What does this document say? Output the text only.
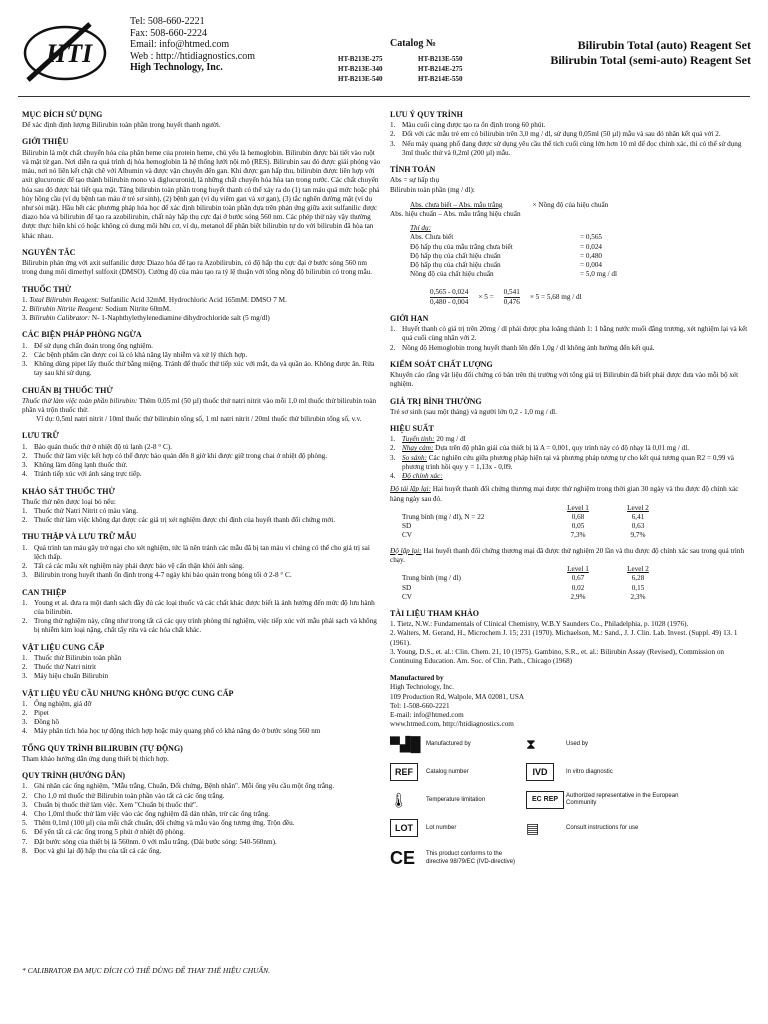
HTI
Tel: 508-660-2221
Fax: 508-660-2224
Email: info@htmed.com
Web : http://htidiagnostics.com
High Technology, Inc.
Catalog №
HT-B213E-275	HT-B213E-550
HT-B213E-340	HT-B214E-275
HT-B213E-540	HT-B214E-550
Bilirubin Total (auto) Reagent Set
Bilirubin Total (semi-auto) Reagent Set
MỤC ĐÍCH SỬ DỤNG

Để xác định định lượng Bilirubin toàn phần trong huyết thanh người.

GIỚI THIỆU

Bilirubin là một chất chuyển hóa của phân heme của protein heme, chủ yếu là hemoglobin. Bilirubin được bài tiết vào ruột và mật từ gan. Nơi diễn ra quá trình dị hóa hemoglobin là hệ thống lưới nội mô (RES). Bilirubin sau đó được giải phóng vào máu, nơi nó liên kết chặt chẽ với Albumin và được vận chuyển đến gan. Khi được gan hấp thu, bilirubin được liên hợp với axit glucuronic để tạo thành bilirubin mono và diglucuronid, là những chất chuyển hóa hòa tan trong nước. Các chất chuyển hóa sau đó được bài tiết qua mật. Tăng bilirubin toàn phần trong huyết thanh có thể xảy ra do (1) tan máu quá mức hoặc phá hủy hồng cầu (ví dụ bệnh tan máu ở trẻ sơ sinh), (2) bệnh gan (ví dụ viêm gan và xơ gan), (3) tắc nghẽn đường mật (ví dụ như sỏi mật). Hầu hết các phương pháp hóa học để xác định bilirubin toàn phần dựa trên phản ứng giữa axit sulfanilic được diazo hóa và bilirubin để tạo ra azobilirubin, chất này hấp thụ cực đại ở bước sóng 560 nm. Các phép thử này vậy thường được thực hiện khi có hoặc không có dung môi hữu cơ, ví dụ, metanol để phân biệt bilirubin tự do với bilirubin đã hòa tan khác nhau.

NGUYÊN TẮC

Bilirubin phản ứng với axit sulfanilic được Diazo hóa để tạo ra Azobilirubin, có độ hấp thu cực đại ở bước sóng 560 nm trong dung môi dimethyl sulfoxit (DMSO). Cường độ của màu tạo ra tỷ lệ thuận với tổng nồng độ bilirubin có trong mẫu.

THUỐC THỬ
1. Total Bilirubin Reagent: Sulfanilic Acid 32mM. Hydrochloric Acid 165mM. DMSO 7 M.
2. Bilirubin Nitrite Reagent: Sodium Nitrite 60mM.
3. Bilirubin Calibrator: N- 1-Naphthylethylenediamine dihydrochloride salt (5 mg/dl)
CÁC BIỆN PHÁP PHÒNG NGỪA
1. Để sử dụng chẩn đoán trong ống nghiệm.
2. Các bệnh phẩm cần được coi là có khả năng lây nhiễm và xử lý thích hợp.
3. Không dùng pipet lấy thuốc thử bằng miệng. Tránh để thuốc thử tiếp xúc với mắt, da và quần áo. Không được ăn. Rửa tay sau khi sử dụng.
CHUẨN BỊ THUỐC THỬ

Thuốc thử làm việc toàn phần bilirubin: Thêm 0,05 ml (50 µl) thuốc thử natri nitrit vào mỗi 1,0 ml thuốc thử bilirubin toàn phần và trộn thuốc thử.

Ví dụ: 0,5ml natri nitrit / 10ml thuốc thử bilirubin tổng số, 1 ml natri nitrit / 20ml thuốc thử bilirubin tổng số, v.v.

LƯU TRỮ
1. Bảo quản thuốc thử ở nhiệt độ tủ lạnh (2-8 ° C).
2. Thuốc thử làm việc kết hợp có thể được bảo quản đến 8 giờ khi được giữ trong chai ở nhiệt độ phòng.
3. Không làm đông lạnh thuốc thử.
4. Tránh tiếp xúc với ánh sáng trực tiếp.
KHẢO SÁT THUỐC THỬ

Thuốc thử nên được loại bỏ nếu:

1. Thuốc thử Natri Nitrit có màu vàng.
2. Thuốc thử làm việc không đạt được các giá trị xét nghiệm được chỉ định của huyết thanh đối chứng mới.
THU THẬP VÀ LƯU TRỮ MẪU
1. Quá trình tan máu gây trở ngại cho xét nghiệm, tức là nên tránh các mẫu đã bị tan máu vì chúng có thể cho giá trị sai lệch thấp.
2. Tất cả các mẫu xét nghiệm này phải được bảo vệ cẩn thận khỏi ánh sáng.
3. Bilirubin trong huyết thanh ổn định trong 4-7 ngày khi bảo quản trong bóng tối ở 2-8 ° C.
CAN THIỆP
1. Young et al. đưa ra một danh sách đầy đủ các loại thuốc và các chất khác được biết là ảnh hưởng đến mức độ lưu hành của bilirubin.
2. Trong thử nghiệm này, cũng như trong tất cả các quy trình phòng thí nghiệm, việc tiếp xúc với mẫu phải sạch và không bị nhiễm kim loại nặng, chất tẩy rửa và các hóa chất khác.
VẬT LIỆU CUNG CẤP
1. Thuốc thử Bilirubin toàn phần
2. Thuốc thử Natri nitrit
3. Máy hiệu chuẩn Bilirubin
VẬT LIỆU YÊU CẦU NHƯNG KHÔNG ĐƯỢC CUNG CẤP
1. Ống nghiệm, giá đỡ
2. Pipet
3. Đồng hồ
4. Máy phân tích hóa học tự động thích hợp hoặc máy quang phổ có khả năng đo ở bước sóng 560 nm
TỔNG QUY TRÌNH BILIRUBIN (TỰ ĐỘNG)

Tham khảo hướng dẫn ứng dụng thiết bị thích hợp.

QUY TRÌNH (HƯỚNG DẪN)
1. Ghi nhãn các ống nghiệm, "Mẫu trắng, Chuẩn, Đối chứng, Bệnh nhân". Mỗi ống yêu cầu một ống trắng.
2. Cho 1,0 ml thuốc thử Bilirubin toàn phần vào tất cả các ống trắng.
3. Chuẩn bị thuốc thử làm việc. Xem "Chuẩn bị thuốc thử".
4. Cho 1,0ml thuốc thử làm việc vào các ống nghiệm đã dán nhãn, trừ các ống trắng.
5. Thêm 0,1ml (100 µl) của mỗi chất chuẩn, đối chứng và mẫu vào ống tương ứng. Trộn đều.
6. Để yên tất cả các ống trong 5 phút ở nhiệt độ phòng.
7. Đặt bước sóng của thiết bị là 560nm. 0 với mẫu trắng. (Dải bước sóng: 540-560nm).
8. Đọc và ghi lại độ hấp thu của tất cả các ống.
* CALIBRATOR ĐA MỤC ĐÍCH CÓ THỂ DÙNG ĐỂ THAY THẾ HIỆU CHUẨN.
LƯU Ý QUY TRÌNH
1. Màu cuối cùng được tạo ra ổn định trong 60 phút.
2. Đối với các mẫu trẻ em có bilirubin trên 3,0 mg / dl, sử dụng 0,05ml (50 µl) mẫu và sau đó nhân kết quả với 2.
3. Nếu máy quang phổ đang được sử dụng yêu cầu thể tích cuối cùng lớn hơn 10 ml để đọc chính xác, thì có thể sử dụng 3ml thuốc thử và 0,2ml (200 µl) mẫu.
TÍNH TOÁN

Abs = sự hấp thụ

Bilirubin toàn phần (mg / dl):

Abs. chưa biết – Abs. mẫu trắng	× Nồng độ của hiệu chuẩn

Abs. hiệu chuẩn – Abs. mẫu trắng hiệu chuẩn

Thí dụ:

Abs. Chưa biết	= 0,565
Độ hấp thụ của mẫu trắng chưa biết	= 0,024
Độ hấp thụ của chất hiệu chuẩn	= 0,480
Độ hấp thụ của chất hiệu chuẩn	= 0,004
Nồng độ của chất hiệu chuẩn	= 5,0 mg / dl
$\frac{0,565 - 0,024}{0,480 - 0,004} \times 5 = \frac{0,541}{0,476} \times 5 = 5,68$ mg / dl
GIỚI HẠN
1. Huyết thanh có giá trị trên 20mg / dl phải được pha loãng thành 1: 1 bằng nước muối đẳng trương, xét nghiệm lại và kết quả cuối cùng nhân với 2.
2. Nồng độ Hemoglobin trong huyết thanh lên đến 1,0g / dl không ảnh hưởng đến kết quả.
KIỂM SOÁT CHẤT LƯỢNG

Khuyến cáo rằng vật liệu đối chứng có bán trên thị trường với tổng giá trị Bilirubin đã biết phải được đưa vào mỗi bộ xét nghiệm.

GIÁ TRỊ BÌNH THƯỜNG

Trẻ sơ sinh (sau một tháng) và người lớn 0,2 - 1,0 mg / dl.

HIỆU SUẤT
1. Tuyến tính: 20 mg / dl
2. Nhạy cảm: Dựa trên độ phân giải của thiết bị là A = 0,001, quy trình này có độ nhạy là 0,01 mg / dl.
3. So sánh: Các nghiên cứu giữa phương pháp hiện tại và phương pháp tương tự cho kết quả tương quan R2 = 0,99 và phương trình hồi quy y = 1,13x - 0,09.
4. Độ chính xác:

Độ tái lặp lại: Hai huyết thanh đối chứng thương mại được thử nghiệm trong thời gian 30 ngày và thu được độ chính xác hàng ngày sau đó.

	Level 1	Level 2
Trung bình (mg / dl), N = 22	0,68	6,41
SD	0,05	0,63
CV	7,3%	9,7%

Độ lặp lại: Hai huyết thanh đối chứng thương mại đã được thử nghiệm 20 lần và thu được độ chính xác sau trong quá trình chạy.

	Level 1	Level 2
Trung bình (mg / dl)	0,67	6,28
SD	0,02	0,15
CV	2,9%	2,3%
TÀI LIỆU THAM KHẢO

1. Tietz, N.W.: Fundamentals of Clinical Chemistry, W.B.Y Saunders Co., Philadelphia, p. 1028 (1976).

2. Walters, M. Gerand, H., Microchem J. 15; 231 (1970). Michaelson, M.: Sand., J. J. Clin. Lab. Invest. (Suppl. 49) 13. 1 (1961).

3. Young, D.S., et. al.: Clin. Chem. 21, 10 (1975). Gambino, S.R., et. al.: Bilirubin Assay (Revised), Commission on Continuing Education. Am. Soc. of Clin. Path., Chicago (1968)

Manufactured by

High Technology, Inc.

109 Production Rd, Walpole, MA 02081, USA

Tel: 1-508-660-2221

E-mail: info@htmed.com

www.htmed.com, http://htidiagnostics.com

▀▟█ Manufactured by	⧗	Used by
REF	Catalog number	IVD	In vitro diagnostic
🌡	Temperature limitation	EC REP
Authorized representative in the European Community
LOT	Lot number	▤	Consult instructions for use
CE	This product conforms to the directive 98/79/EC (IVD-directive)
